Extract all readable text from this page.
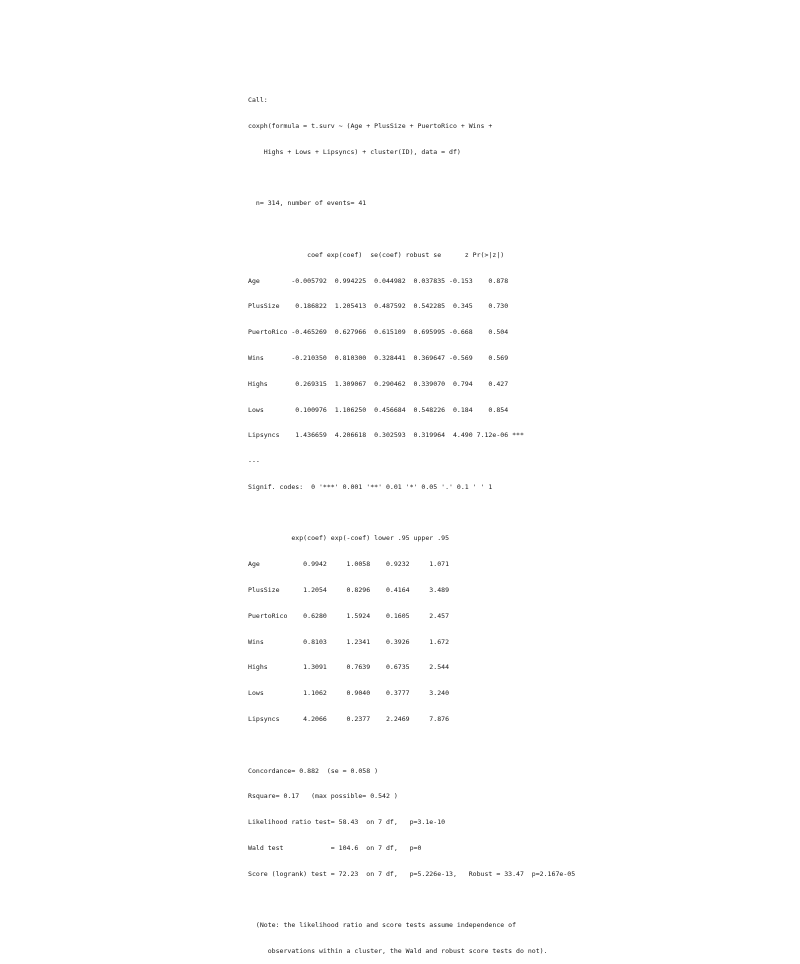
Call:

coxph(formula = t.surv ~ (Age + PlusSize + PuertoRico + Wins +

Highs + Lows + Lipsyncs) + cluster(ID), data = df)

n= 314, number of events= 41

coef exp(coef)  se(coef) robust se      z Pr(>|z|)

Age        -0.005792  0.994225  0.044982  0.037835 -0.153    0.878

PlusSize    0.186822  1.205413  0.487592  0.542285  0.345    0.730

PuertoRico -0.465269  0.627966  0.615109  0.695995 -0.668    0.504

Wins       -0.210350  0.810300  0.328441  0.369647 -0.569    0.569

Highs       0.269315  1.309067  0.290462  0.339070  0.794    0.427

Lows        0.100976  1.106250  0.456684  0.548226  0.184    0.854

Lipsyncs    1.436659  4.206618  0.302593  0.319964  4.490 7.12e-06 ***

---

Signif. codes:  0 '***' 0.001 '**' 0.01 '*' 0.05 '.' 0.1 ' ' 1

exp(coef) exp(-coef) lower .95 upper .95

Age           0.9942     1.0058    0.9232     1.071

PlusSize      1.2054     0.8296    0.4164     3.489

PuertoRico    0.6280     1.5924    0.1605     2.457

Wins          0.8103     1.2341    0.3926     1.672

Highs         1.3091     0.7639    0.6735     2.544

Lows          1.1062     0.9040    0.3777     3.240

Lipsyncs      4.2066     0.2377    2.2469     7.876

Concordance= 0.882  (se = 0.058 )

Rsquare= 0.17   (max possible= 0.542 )

Likelihood ratio test= 58.43  on 7 df,   p=3.1e-10

Wald test            = 104.6  on 7 df,   p=0

Score (logrank) test = 72.23  on 7 df,   p=5.226e-13,   Robust = 33.47  p=2.167e-05

(Note: the likelihood ratio and score tests assume independence of

observations within a cluster, the Wald and robust score tests do not).
